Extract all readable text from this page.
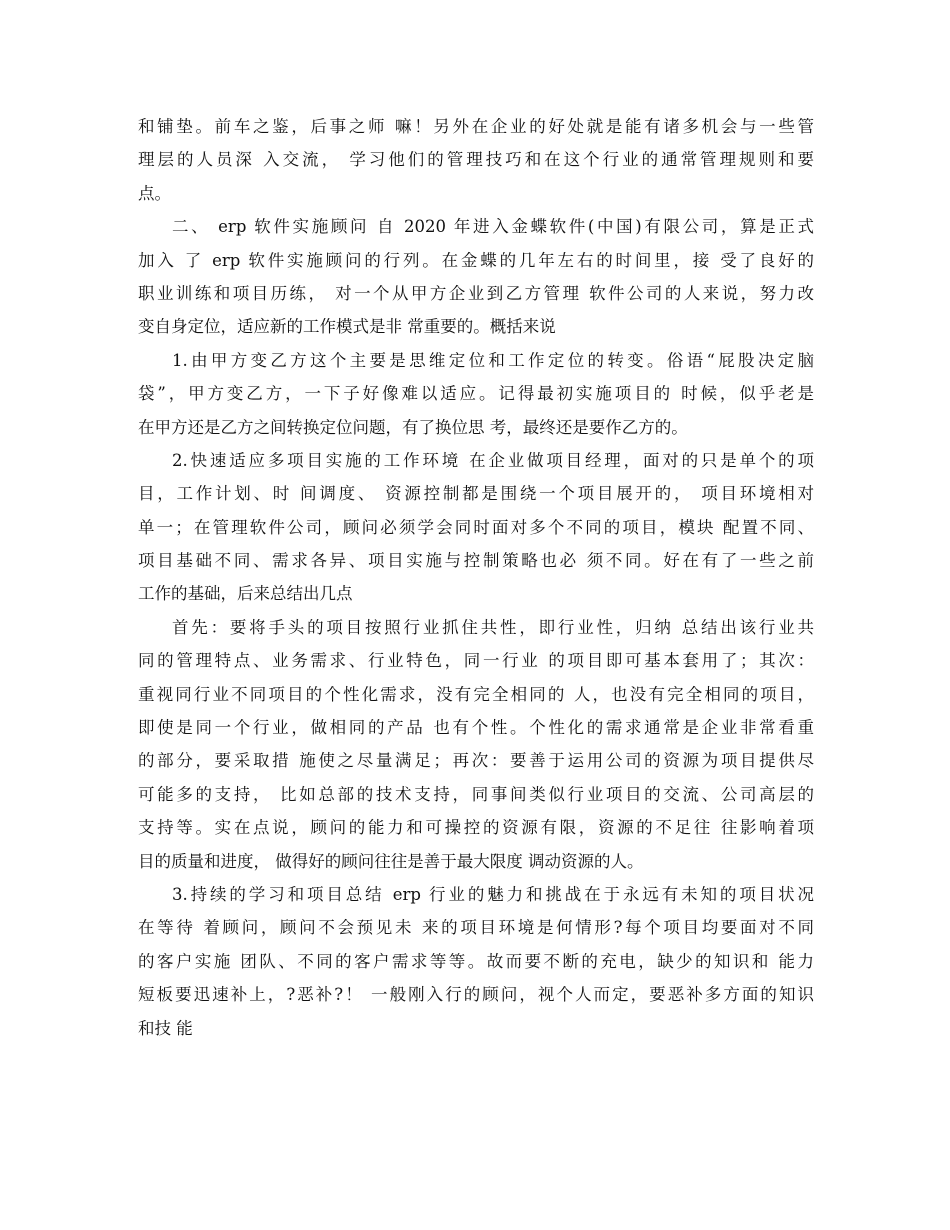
和铺垫。前车之鉴，后事之师 嘛！另外在企业的好处就是能有诸多机会与一些管
理层的人员深 入交流， 学习他们的管理技巧和在这个行业的通常管理规则和要
点。
二、 erp 软件实施顾问 自 2020 年进入金蝶软件(中国)有限公司，算是正式
加入 了 erp 软件实施顾问的行列。在金蝶的几年左右的时间里，接 受了良好的
职业训练和项目历练， 对一个从甲方企业到乙方管理 软件公司的人来说，努力改
变自身定位，适应新的工作模式是非 常重要的。概括来说
1.由甲方变乙方这个主要是思维定位和工作定位的转变。俗语“屁股决定脑
袋”，甲方变乙方，一下子好像难以适应。记得最初实施项目的 时候，似乎老是
在甲方还是乙方之间转换定位问题，有了换位思 考，最终还是要作乙方的。
2.快速适应多项目实施的工作环境 在企业做项目经理，面对的只是单个的项
目，工作计划、时 间调度、 资源控制都是围绕一个项目展开的， 项目环境相对
单一；在管理软件公司，顾问必须学会同时面对多个不同的项目，模块 配置不同、
项目基础不同、需求各异、项目实施与控制策略也必 须不同。好在有了一些之前
工作的基础，后来总结出几点
首先：要将手头的项目按照行业抓住共性，即行业性，归纳 总结出该行业共
同的管理特点、业务需求、行业特色，同一行业 的项目即可基本套用了；其次：
重视同行业不同项目的个性化需求，没有完全相同的 人，也没有完全相同的项目，
即使是同一个行业，做相同的产品 也有个性。个性化的需求通常是企业非常看重
的部分，要采取措 施使之尽量满足；再次：要善于运用公司的资源为项目提供尽
可能多的支持， 比如总部的技术支持，同事间类似行业项目的交流、公司高层的
支持等。实在点说，顾问的能力和可操控的资源有限，资源的不足往 往影响着项
目的质量和进度， 做得好的顾问往往是善于最大限度 调动资源的人。
3.持续的学习和项目总结 erp 行业的魅力和挑战在于永远有未知的项目状况
在等待 着顾问，顾问不会预见未 来的项目环境是何情形?每个项目均要面对不同
的客户实施 团队、不同的客户需求等等。故而要不断的充电，缺少的知识和 能力
短板要迅速补上，?恶补?！ 一般刚入行的顾问，视个人而定，要恶补多方面的知识
和技 能
